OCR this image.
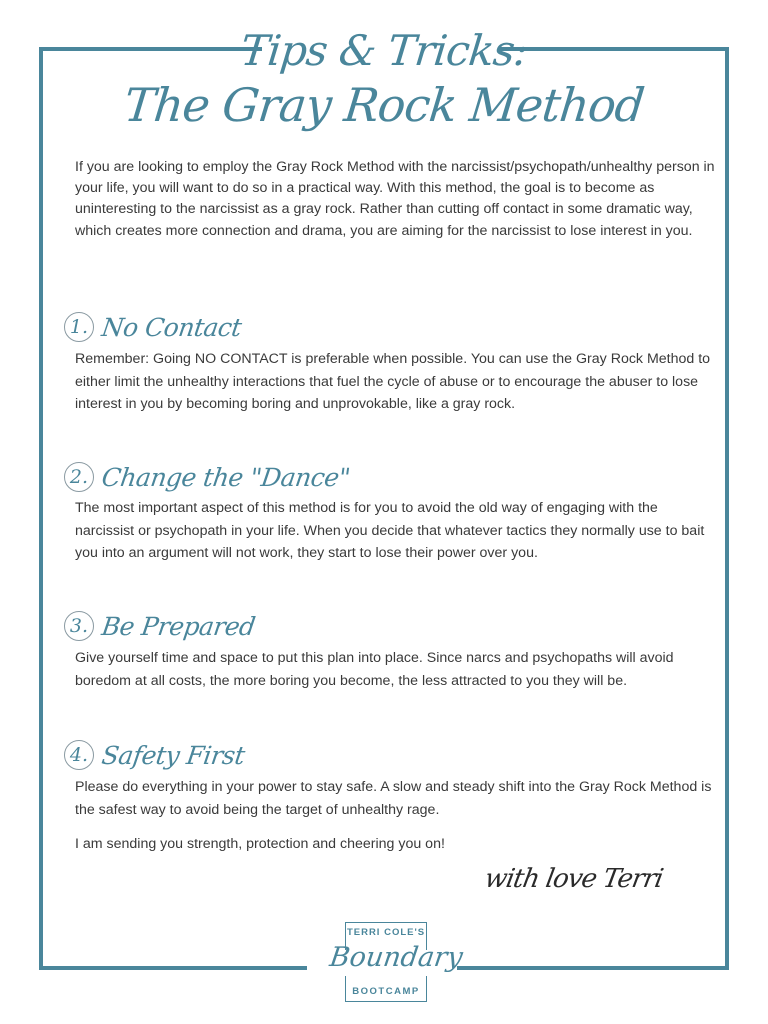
Tips & Tricks:
The Gray Rock Method

If you are looking to employ the Gray Rock Method with the narcissist/psychopath/unhealthy person in your life, you will want to do so in a practical way. With this method, the goal is to become as uninteresting to the narcissist as a gray rock. Rather than cutting off contact in some dramatic way, which creates more connection and drama, you are aiming for the narcissist to lose interest in you.

1. No Contact

Remember: Going NO CONTACT is preferable when possible. You can use the Gray Rock Method to either limit the unhealthy interactions that fuel the cycle of abuse or to encourage the abuser to lose interest in you by becoming boring and unprovokable, like a gray rock.

2. Change the "Dance"

The most important aspect of this method is for you to avoid the old way of engaging with the narcissist or psychopath in your life. When you decide that whatever tactics they normally use to bait you into an argument will not work, they start to lose their power over you.

3. Be Prepared

Give yourself time and space to put this plan into place. Since narcs and psychopaths will avoid boredom at all costs, the more boring you become, the less attracted to you they will be.

4. Safety First

Please do everything in your power to stay safe. A slow and steady shift into the Gray Rock Method is the safest way to avoid being the target of unhealthy rage.

I am sending you strength, protection and cheering you on!

with love Terri
TERRI COLE'S
Boundary
BOOTCAMP
